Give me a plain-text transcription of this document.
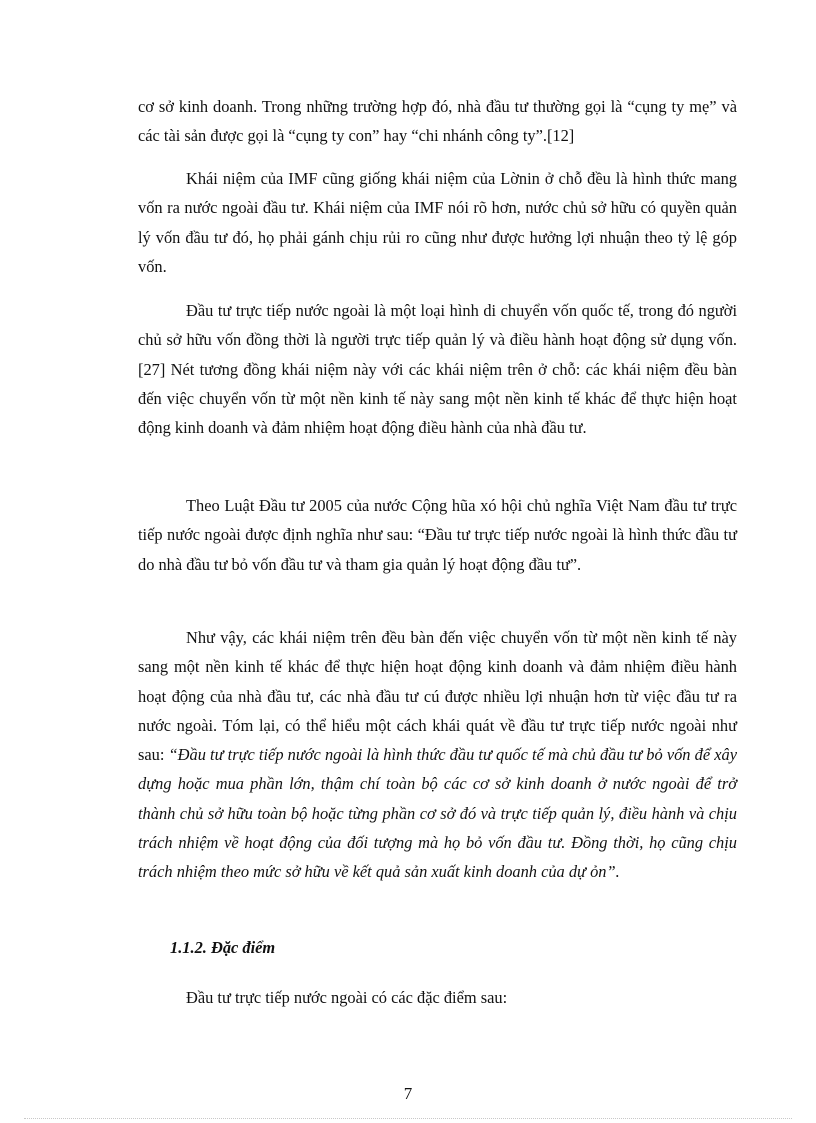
cơ sở kinh doanh. Trong những trường hợp đó, nhà đầu tư thường gọi là “cụng ty mẹ” và các tài sản được gọi là “cụng ty con” hay “chi nhánh công ty”.[12]

Khái niệm của IMF cũng giống khái niệm của Lờnin ở chỗ đều là hình thức mang vốn ra nước ngoài đầu tư. Khái niệm của IMF nói rõ hơn, nước chủ sở hữu có quyền quản lý vốn đầu tư đó, họ phải gánh chịu rủi ro cũng như được hưởng lợi nhuận theo tỷ lệ góp vốn.

Đầu tư trực tiếp nước ngoài là một loại hình di chuyển vốn quốc tế, trong đó người chủ sở hữu vốn đồng thời là người trực tiếp quản lý và điều hành hoạt động sử dụng vốn.[27] Nét tương đồng khái niệm này với các khái niệm trên ở chỗ: các khái niệm đều bàn đến việc chuyển vốn từ một nền kinh tế này sang một nền kinh tế khác để thực hiện hoạt động kinh doanh và đảm nhiệm hoạt động điều hành của nhà đầu tư.

Theo Luật Đầu tư 2005 của nước Cộng hũa xó hội chủ nghĩa Việt Nam đầu tư trực tiếp nước ngoài được định nghĩa như sau: “Đầu tư trực tiếp nước ngoài là hình thức đầu tư do nhà đầu tư bỏ vốn đầu tư và tham gia quản lý hoạt động đầu tư”.

Như vậy, các khái niệm trên đều bàn đến việc chuyển vốn từ một nền kinh tế này sang một nền kinh tế khác để thực hiện hoạt động kinh doanh và đảm nhiệm điều hành hoạt động của nhà đầu tư, các nhà đầu tư cú được nhiều lợi nhuận hơn từ việc đầu tư ra nước ngoài. Tóm lại, có thể hiểu một cách khái quát về đầu tư trực tiếp nước ngoài như sau: “Đầu tư trực tiếp nước ngoài là hình thức đầu tư quốc tế mà chủ đầu tư bỏ vốn để xây dựng hoặc mua phần lớn, thậm chí toàn bộ các cơ sở kinh doanh ở nước ngoài để trở thành chủ sở hữu toàn bộ hoặc từng phần cơ sở đó và trực tiếp quản lý, điều hành và chịu trách nhiệm về hoạt động của đối tượng mà họ bỏ vốn đầu tư. Đồng thời, họ cũng chịu trách nhiệm theo mức sở hữu về kết quả sản xuất kinh doanh của dự ỏn”.

1.1.2. Đặc điểm

Đầu tư trực tiếp nước ngoài có các đặc điểm sau:

7
